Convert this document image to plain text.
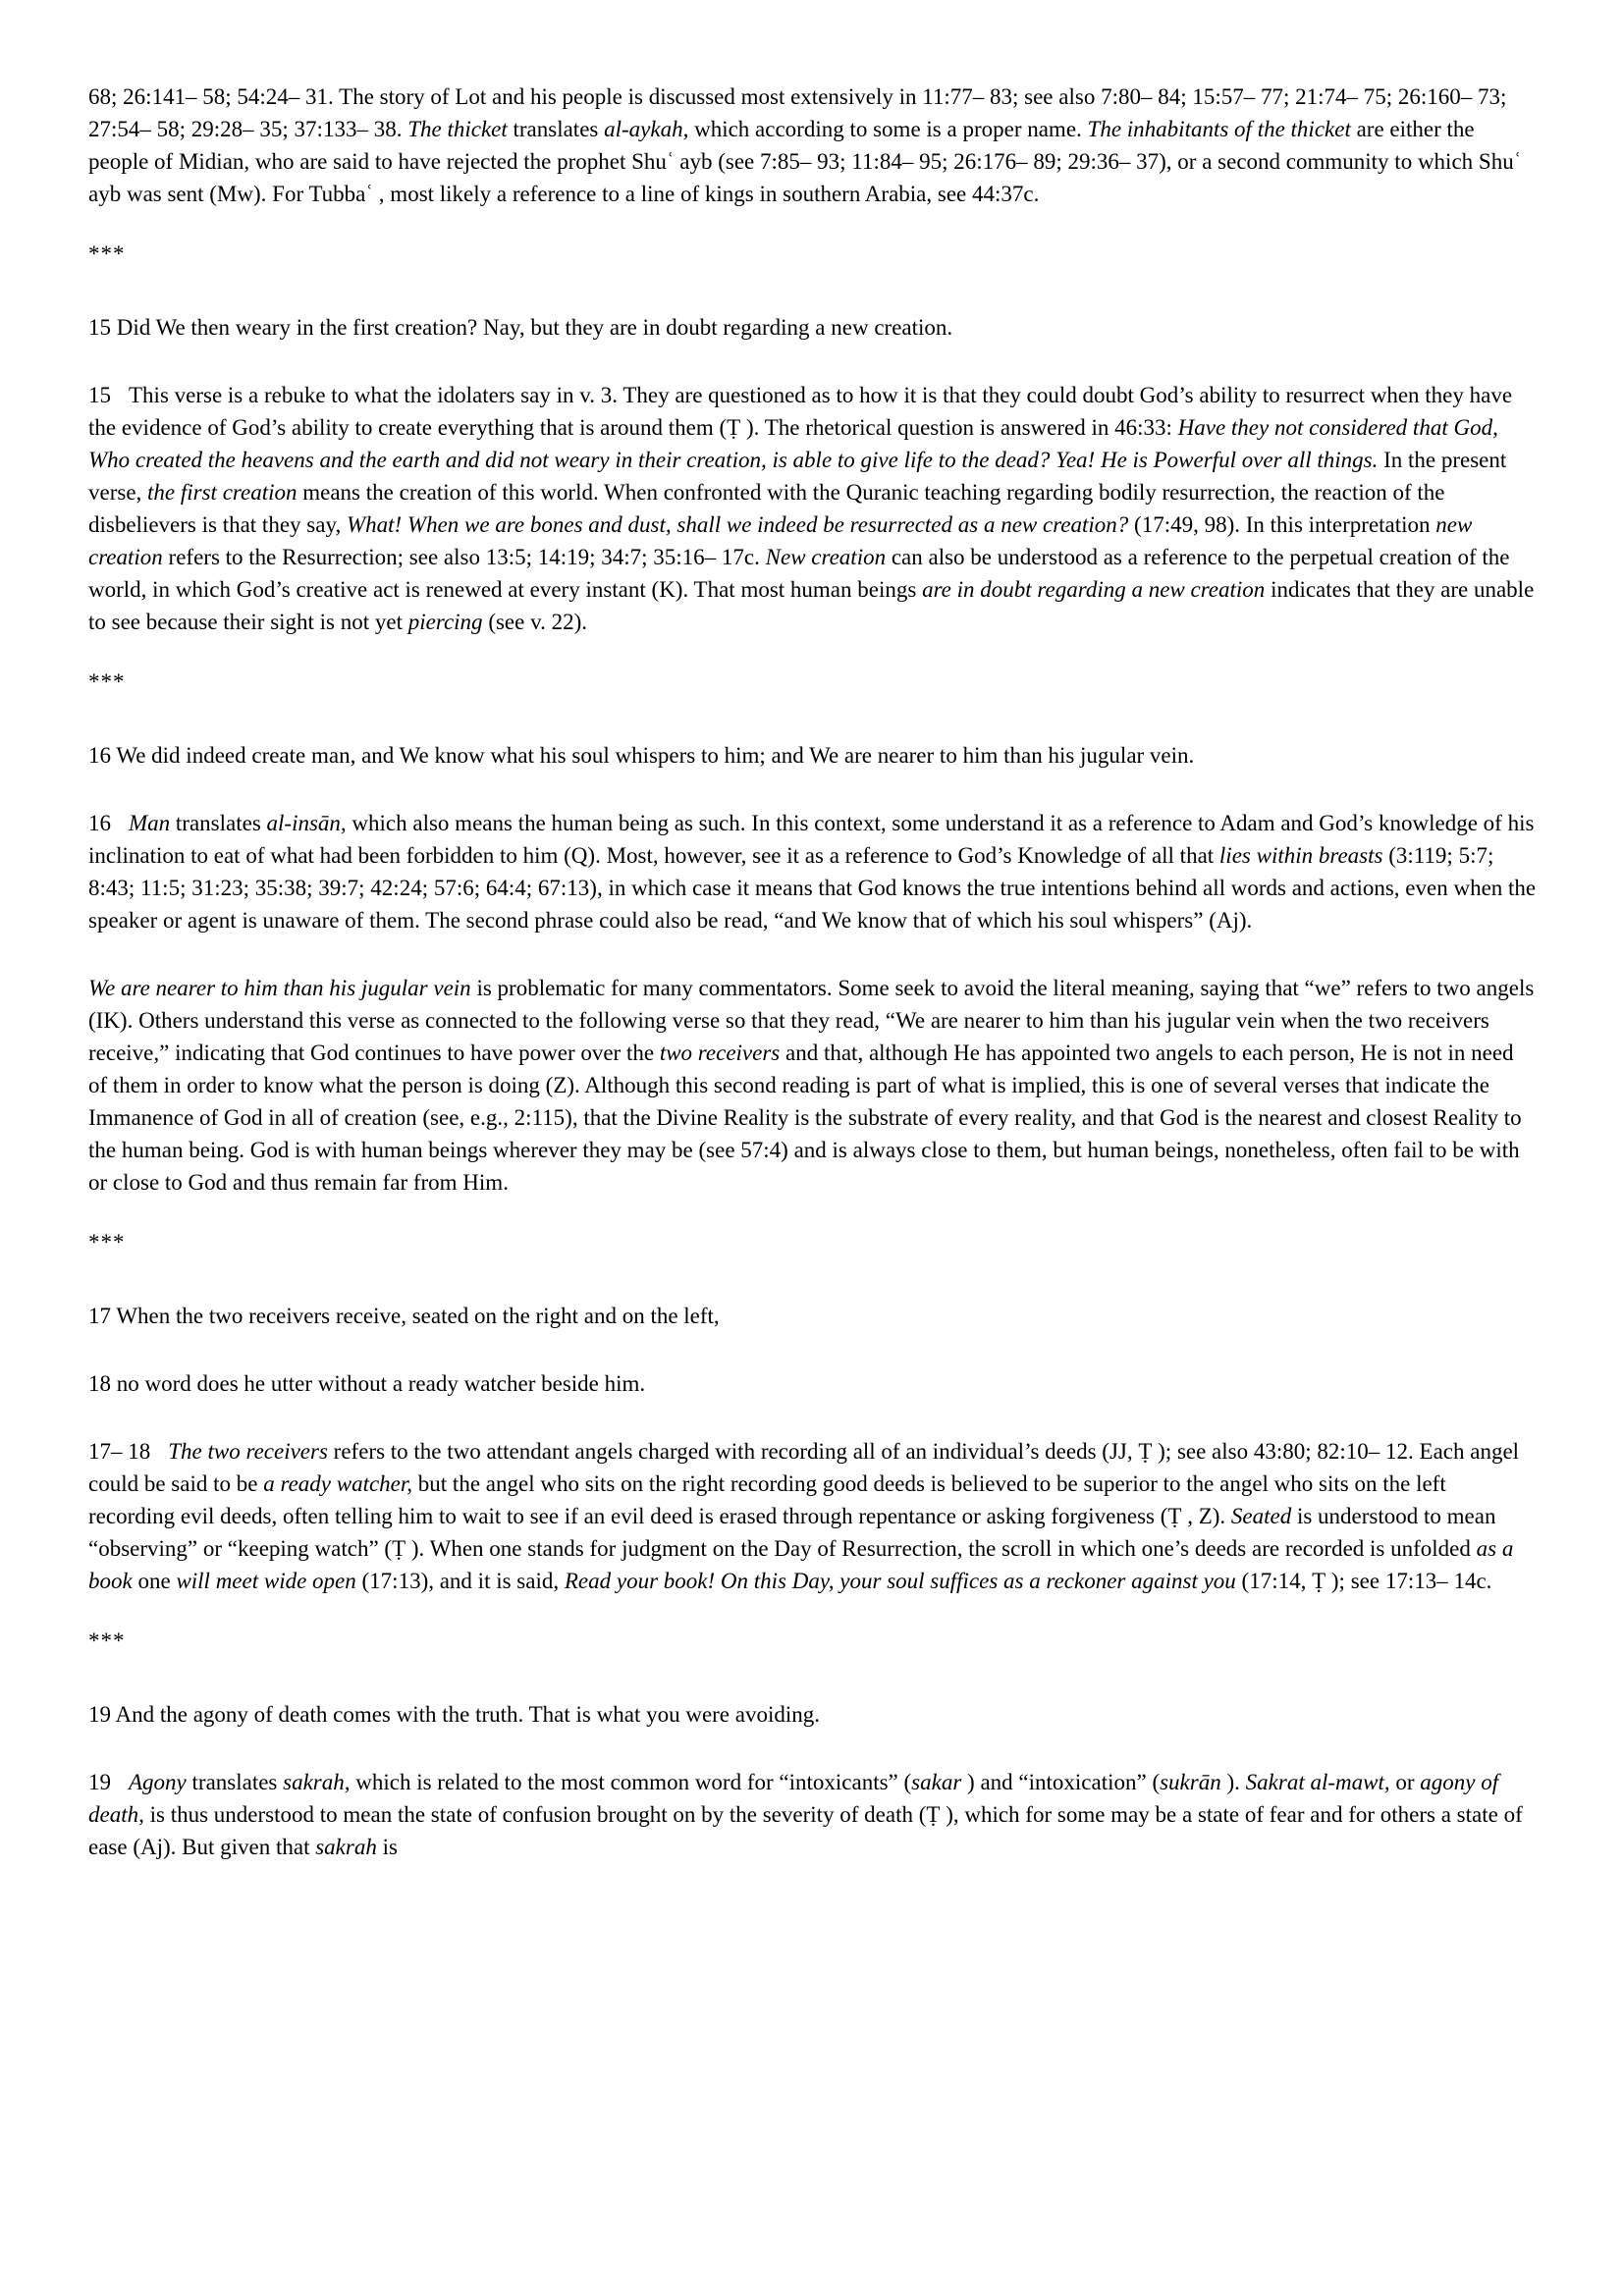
68; 26:141– 58; 54:24– 31. The story of Lot and his people is discussed most extensively in 11:77– 83; see also 7:80– 84; 15:57– 77; 21:74– 75; 26:160– 73; 27:54– 58; 29:28– 35; 37:133– 38. The thicket translates al-aykah, which according to some is a proper name. The inhabitants of the thicket are either the people of Midian, who are said to have rejected the prophet Shuʿ ayb (see 7:85– 93; 11:84– 95; 26:176– 89; 29:36– 37), or a second community to which Shuʿ ayb was sent (Mw). For Tubbaʿ , most likely a reference to a line of kings in southern Arabia, see 44:37c.

***

15 Did We then weary in the first creation? Nay, but they are in doubt regarding a new creation.

15 This verse is a rebuke to what the idolaters say in v. 3. They are questioned as to how it is that they could doubt God’s ability to resurrect when they have the evidence of God’s ability to create everything that is around them (Ṭ ). The rhetorical question is answered in 46:33: Have they not considered that God, Who created the heavens and the earth and did not weary in their creation, is able to give life to the dead? Yea! He is Powerful over all things. In the present verse, the first creation means the creation of this world. When confronted with the Quranic teaching regarding bodily resurrection, the reaction of the disbelievers is that they say, What! When we are bones and dust, shall we indeed be resurrected as a new creation? (17:49, 98). In this interpretation new creation refers to the Resurrection; see also 13:5; 14:19; 34:7; 35:16– 17c. New creation can also be understood as a reference to the perpetual creation of the world, in which God’s creative act is renewed at every instant (K). That most human beings are in doubt regarding a new creation indicates that they are unable to see because their sight is not yet piercing (see v. 22).

***

16 We did indeed create man, and We know what his soul whispers to him; and We are nearer to him than his jugular vein.

16 Man translates al-insān, which also means the human being as such. In this context, some understand it as a reference to Adam and God’s knowledge of his inclination to eat of what had been forbidden to him (Q). Most, however, see it as a reference to God’s Knowledge of all that lies within breasts (3:119; 5:7; 8:43; 11:5; 31:23; 35:38; 39:7; 42:24; 57:6; 64:4; 67:13), in which case it means that God knows the true intentions behind all words and actions, even when the speaker or agent is unaware of them. The second phrase could also be read, “and We know that of which his soul whispers” (Aj).

We are nearer to him than his jugular vein is problematic for many commentators. Some seek to avoid the literal meaning, saying that “we” refers to two angels (IK). Others understand this verse as connected to the following verse so that they read, “We are nearer to him than his jugular vein when the two receivers receive,” indicating that God continues to have power over the two receivers and that, although He has appointed two angels to each person, He is not in need of them in order to know what the person is doing (Z). Although this second reading is part of what is implied, this is one of several verses that indicate the Immanence of God in all of creation (see, e.g., 2:115), that the Divine Reality is the substrate of every reality, and that God is the nearest and closest Reality to the human being. God is with human beings wherever they may be (see 57:4) and is always close to them, but human beings, nonetheless, often fail to be with or close to God and thus remain far from Him.

***

17 When the two receivers receive, seated on the right and on the left,

18 no word does he utter without a ready watcher beside him.

17– 18 The two receivers refers to the two attendant angels charged with recording all of an individual’s deeds (JJ, Ṭ ); see also 43:80; 82:10– 12. Each angel could be said to be a ready watcher, but the angel who sits on the right recording good deeds is believed to be superior to the angel who sits on the left recording evil deeds, often telling him to wait to see if an evil deed is erased through repentance or asking forgiveness (Ṭ , Z). Seated is understood to mean “observing” or “keeping watch” (Ṭ ). When one stands for judgment on the Day of Resurrection, the scroll in which one’s deeds are recorded is unfolded as a book one will meet wide open (17:13), and it is said, Read your book! On this Day, your soul suffices as a reckoner against you (17:14, Ṭ ); see 17:13– 14c.

***

19 And the agony of death comes with the truth. That is what you were avoiding.

19 Agony translates sakrah, which is related to the most common word for “intoxicants” (sakar ) and “intoxication” (sukrān ). Sakrat al-mawt, or agony of death, is thus understood to mean the state of confusion brought on by the severity of death (Ṭ ), which for some may be a state of fear and for others a state of ease (Aj). But given that sakrah is
